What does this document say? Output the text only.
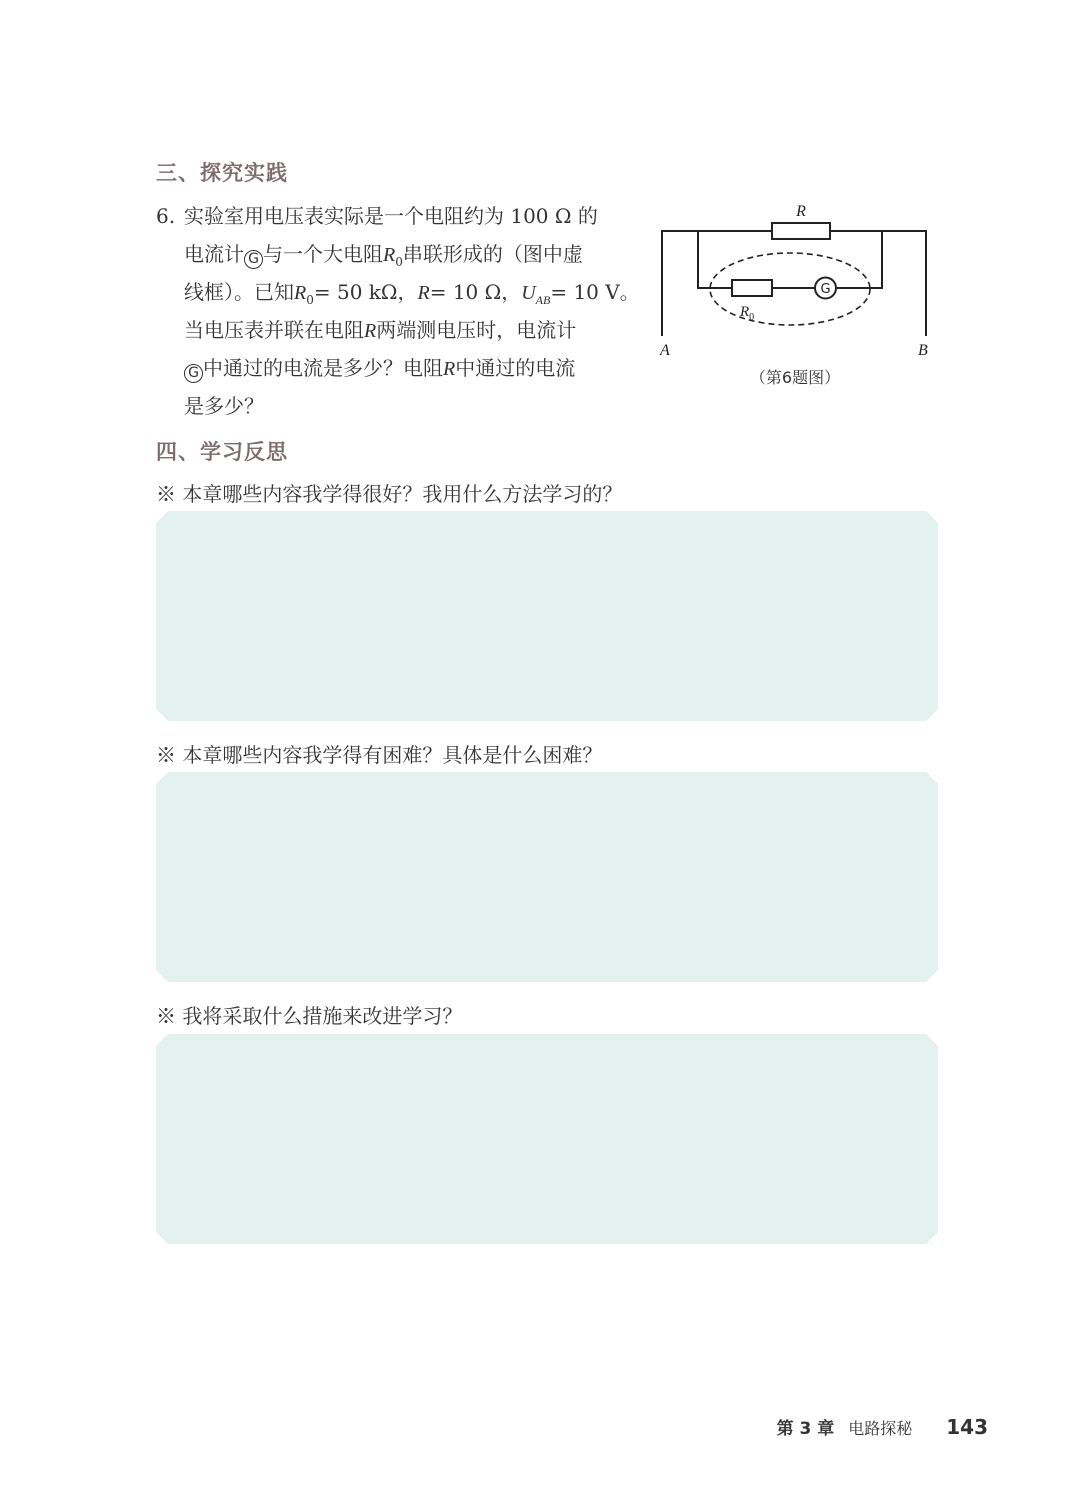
三、探究实践
6. 实验室用电压表实际是一个电阻约为 100 Ω 的
电流计 G 与一个大电阻$R_0$串联形成的（图中虚
线框）。已知$R_0= 50$ kΩ，R= 10 Ω，$U_{AB}= 10$ V。
当电压表并联在电阻R两端测电压时，电流计
G 中通过的电流是多少？电阻R中通过的电流
是多少？
R
$R_0$
G
A	B
（第6题图）
四、学习反思
※ 本章哪些内容我学得很好？我用什么方法学习的？
※ 本章哪些内容我学得有困难？具体是什么困难？
※ 我将采取什么措施来改进学习？
第 3 章 电路探秘 143
